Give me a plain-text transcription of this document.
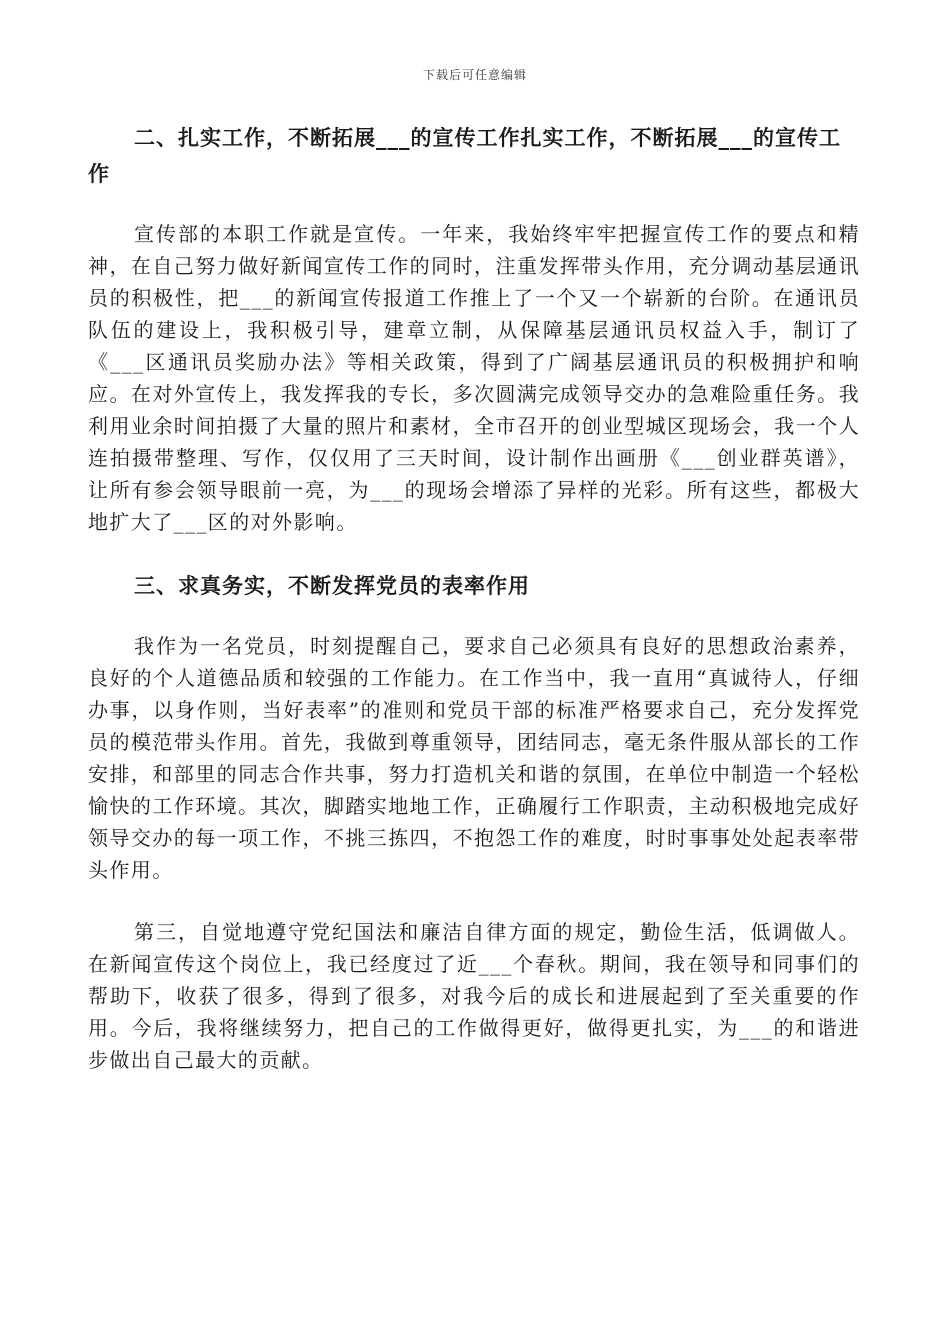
下载后可任意编辑

二、扎实工作，不断拓展___的宣传工作扎实工作，不断拓展___的宣传工作

宣传部的本职工作就是宣传。一年来，我始终牢牢把握宣传工作的要点和精神，在自己努力做好新闻宣传工作的同时，注重发挥带头作用，充分调动基层通讯员的积极性，把___的新闻宣传报道工作推上了一个又一个崭新的台阶。在通讯员队伍的建设上，我积极引导，建章立制，从保障基层通讯员权益入手，制订了《___区通讯员奖励办法》等相关政策，得到了广阔基层通讯员的积极拥护和响应。在对外宣传上，我发挥我的专长，多次圆满完成领导交办的急难险重任务。我利用业余时间拍摄了大量的照片和素材，全市召开的创业型城区现场会，我一个人连拍摄带整理、写作，仅仅用了三天时间，设计制作出画册《___创业群英谱》，让所有参会领导眼前一亮，为___的现场会增添了异样的光彩。所有这些，都极大地扩大了___区的对外影响。

三、求真务实，不断发挥党员的表率作用

我作为一名党员，时刻提醒自己，要求自己必须具有良好的思想政治素养，良好的个人道德品质和较强的工作能力。在工作当中，我一直用“真诚待人，仔细办事，以身作则，当好表率”的准则和党员干部的标准严格要求自己，充分发挥党员的模范带头作用。首先，我做到尊重领导，团结同志，毫无条件服从部长的工作安排，和部里的同志合作共事，努力打造机关和谐的氛围，在单位中制造一个轻松愉快的工作环境。其次，脚踏实地地工作，正确履行工作职责，主动积极地完成好领导交办的每一项工作，不挑三拣四，不抱怨工作的难度，时时事事处处起表率带头作用。

第三，自觉地遵守党纪国法和廉洁自律方面的规定，勤俭生活，低调做人。在新闻宣传这个岗位上，我已经度过了近___个春秋。期间，我在领导和同事们的帮助下，收获了很多，得到了很多，对我今后的成长和进展起到了至关重要的作用。今后，我将继续努力，把自己的工作做得更好，做得更扎实，为___的和谐进步做出自己最大的贡献。
